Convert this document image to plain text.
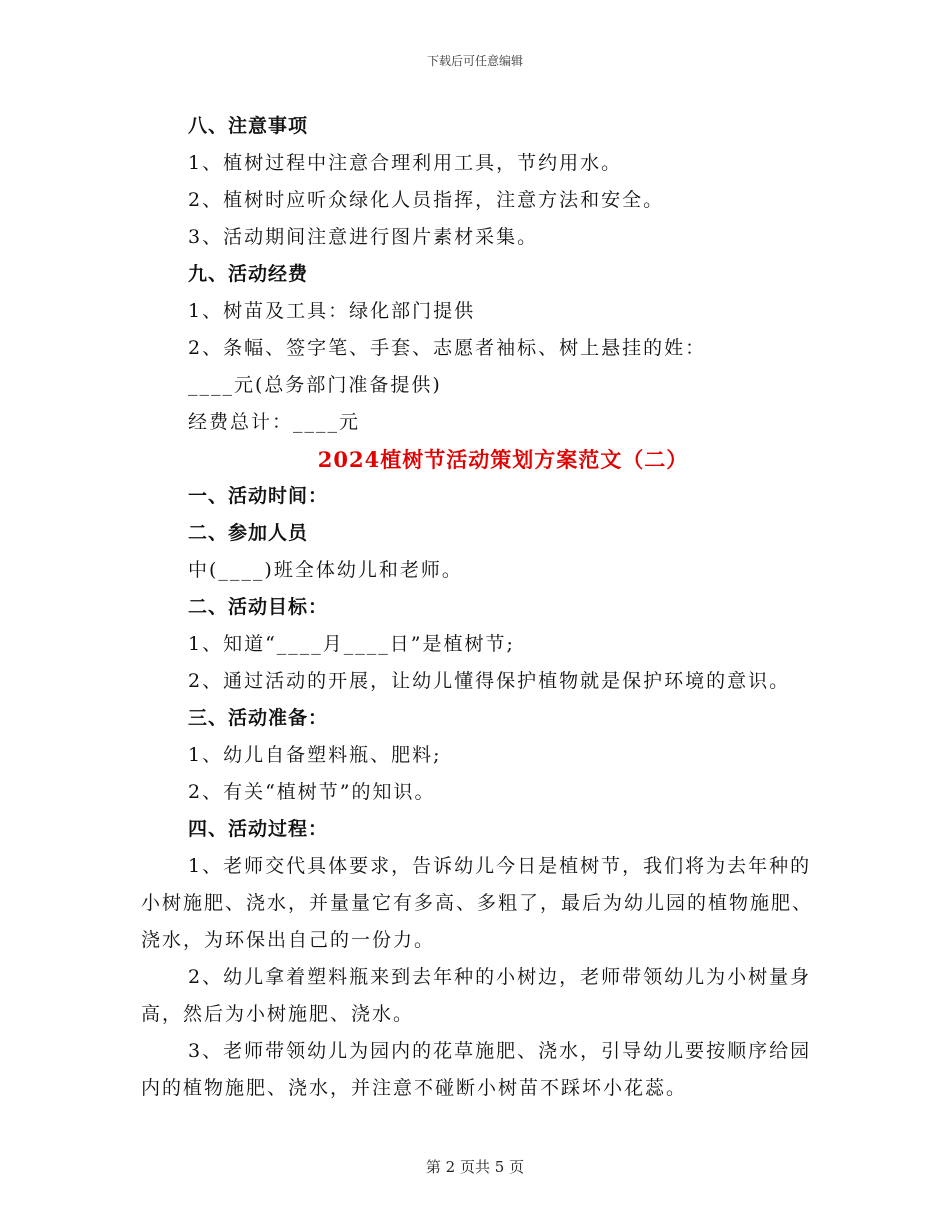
下载后可任意编辑
八、注意事项
1、植树过程中注意合理利用工具，节约用水。
2、植树时应听众绿化人员指挥，注意方法和安全。
3、活动期间注意进行图片素材采集。
九、活动经费
1、树苗及工具：绿化部门提供
2、条幅、签字笔、手套、志愿者袖标、树上悬挂的姓：
____元(总务部门准备提供)
经费总计：____元
2024植树节活动策划方案范文（二）
一、活动时间：
二、参加人员
中(____)班全体幼儿和老师。
二、活动目标：
1、知道“____月____日”是植树节;
2、通过活动的开展，让幼儿懂得保护植物就是保护环境的意识。
三、活动准备：
1、幼儿自备塑料瓶、肥料;
2、有关“植树节”的知识。
四、活动过程：
1、老师交代具体要求，告诉幼儿今日是植树节，我们将为去年种的小树施肥、浇水，并量量它有多高、多粗了，最后为幼儿园的植物施肥、浇水，为环保出自己的一份力。
2、幼儿拿着塑料瓶来到去年种的小树边，老师带领幼儿为小树量身高，然后为小树施肥、浇水。
3、老师带领幼儿为园内的花草施肥、浇水，引导幼儿要按顺序给园内的植物施肥、浇水，并注意不碰断小树苗不踩坏小花蕊。
第 2 页共 5 页
